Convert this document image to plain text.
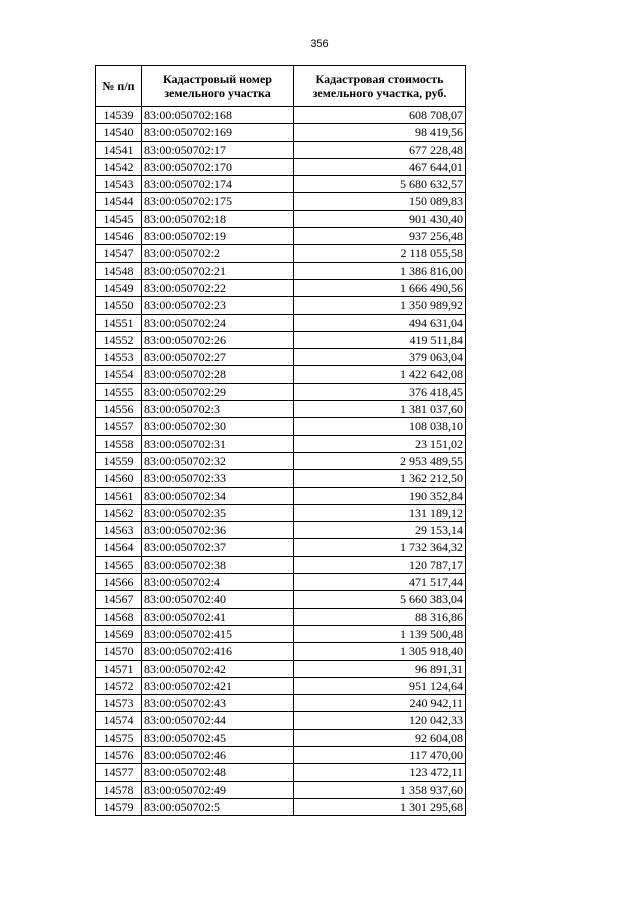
356
№ п/п	Кадастровый номер земельного участка	Кадастровая стоимость земельного участка, руб.
14539	83:00:050702:168	608 708,07
14540	83:00:050702:169	98 419,56
14541	83:00:050702:17	677 228,48
14542	83:00:050702:170	467 644,01
14543	83:00:050702:174	5 680 632,57
14544	83:00:050702:175	150 089,83
14545	83:00:050702:18	901 430,40
14546	83:00:050702:19	937 256,48
14547	83:00:050702:2	2 118 055,58
14548	83:00:050702:21	1 386 816,00
14549	83:00:050702:22	1 666 490,56
14550	83:00:050702:23	1 350 989,92
14551	83:00:050702:24	494 631,04
14552	83:00:050702:26	419 511,84
14553	83:00:050702:27	379 063,04
14554	83:00:050702:28	1 422 642,08
14555	83:00:050702:29	376 418,45
14556	83:00:050702:3	1 381 037,60
14557	83:00:050702:30	108 038,10
14558	83:00:050702:31	23 151,02
14559	83:00:050702:32	2 953 489,55
14560	83:00:050702:33	1 362 212,50
14561	83:00:050702:34	190 352,84
14562	83:00:050702:35	131 189,12
14563	83:00:050702:36	29 153,14
14564	83:00:050702:37	1 732 364,32
14565	83:00:050702:38	120 787,17
14566	83:00:050702:4	471 517,44
14567	83:00:050702:40	5 660 383,04
14568	83:00:050702:41	88 316,86
14569	83:00:050702:415	1 139 500,48
14570	83:00:050702:416	1 305 918,40
14571	83:00:050702:42	96 891,31
14572	83:00:050702:421	951 124,64
14573	83:00:050702:43	240 942,11
14574	83:00:050702:44	120 042,33
14575	83:00:050702:45	92 604,08
14576	83:00:050702:46	117 470,00
14577	83:00:050702:48	123 472,11
14578	83:00:050702:49	1 358 937,60
14579	83:00:050702:5	1 301 295,68
